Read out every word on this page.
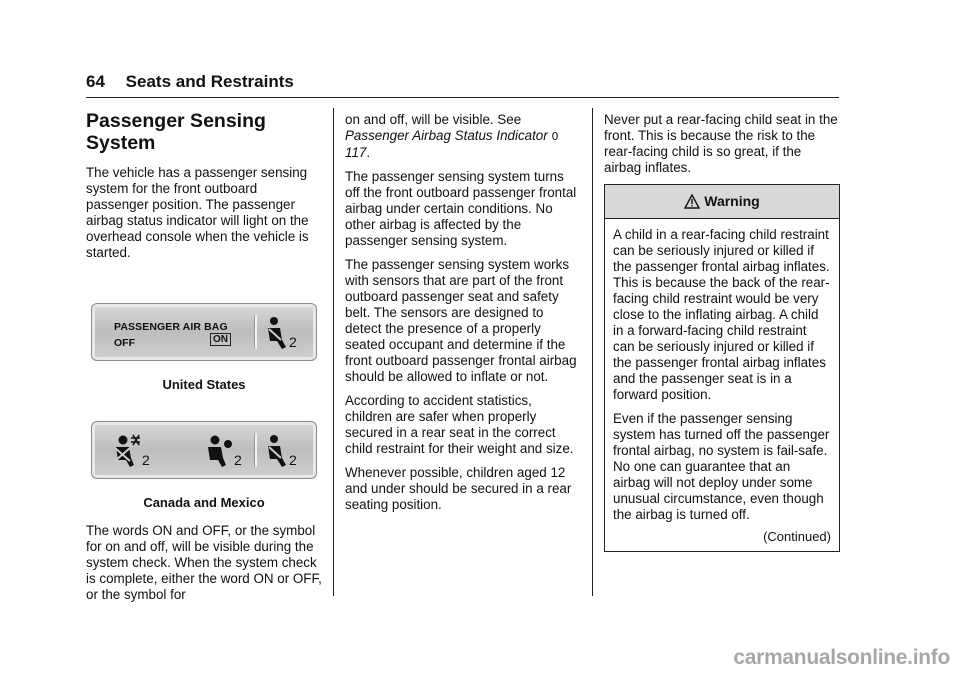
64 Seats and Restraints
Passenger Sensing System

The vehicle has a passenger sensing system for the front outboard passenger position. The passenger airbag status indicator will light on the overhead console when the vehicle is started.

PASSENGER AIR BAG
OFF	ON	2
United States
2	2	2
Canada and Mexico

The words ON and OFF, or the symbol for on and off, will be visible during the system check. When the system check is complete, either the word ON or OFF, or the symbol for

on and off, will be visible. See
Passenger Airbag Status Indicator 0 117.

The passenger sensing system turns off the front outboard passenger frontal airbag under certain conditions. No other airbag is affected by the passenger sensing system.

The passenger sensing system works with sensors that are part of the front outboard passenger seat and safety belt. The sensors are designed to detect the presence of a properly seated occupant and determine if the front outboard passenger frontal airbag should be allowed to inflate or not.

According to accident statistics, children are safer when properly secured in a rear seat in the correct child restraint for their weight and size.

Whenever possible, children aged 12 and under should be secured in a rear seating position.

Never put a rear-facing child seat in the front. This is because the risk to the rear-facing child is so great, if the airbag inflates.

Warning

A child in a rear-facing child restraint can be seriously injured or killed if the passenger frontal airbag inflates. This is because the back of the rear-facing child restraint would be very close to the inflating airbag. A child in a forward-facing child restraint can be seriously injured or killed if the passenger frontal airbag inflates and the passenger seat is in a forward position.

Even if the passenger sensing system has turned off the passenger frontal airbag, no system is fail-safe. No one can guarantee that an airbag will not deploy under some unusual circumstance, even though the airbag is turned off.

(Continued)
carmanualsonline.info
